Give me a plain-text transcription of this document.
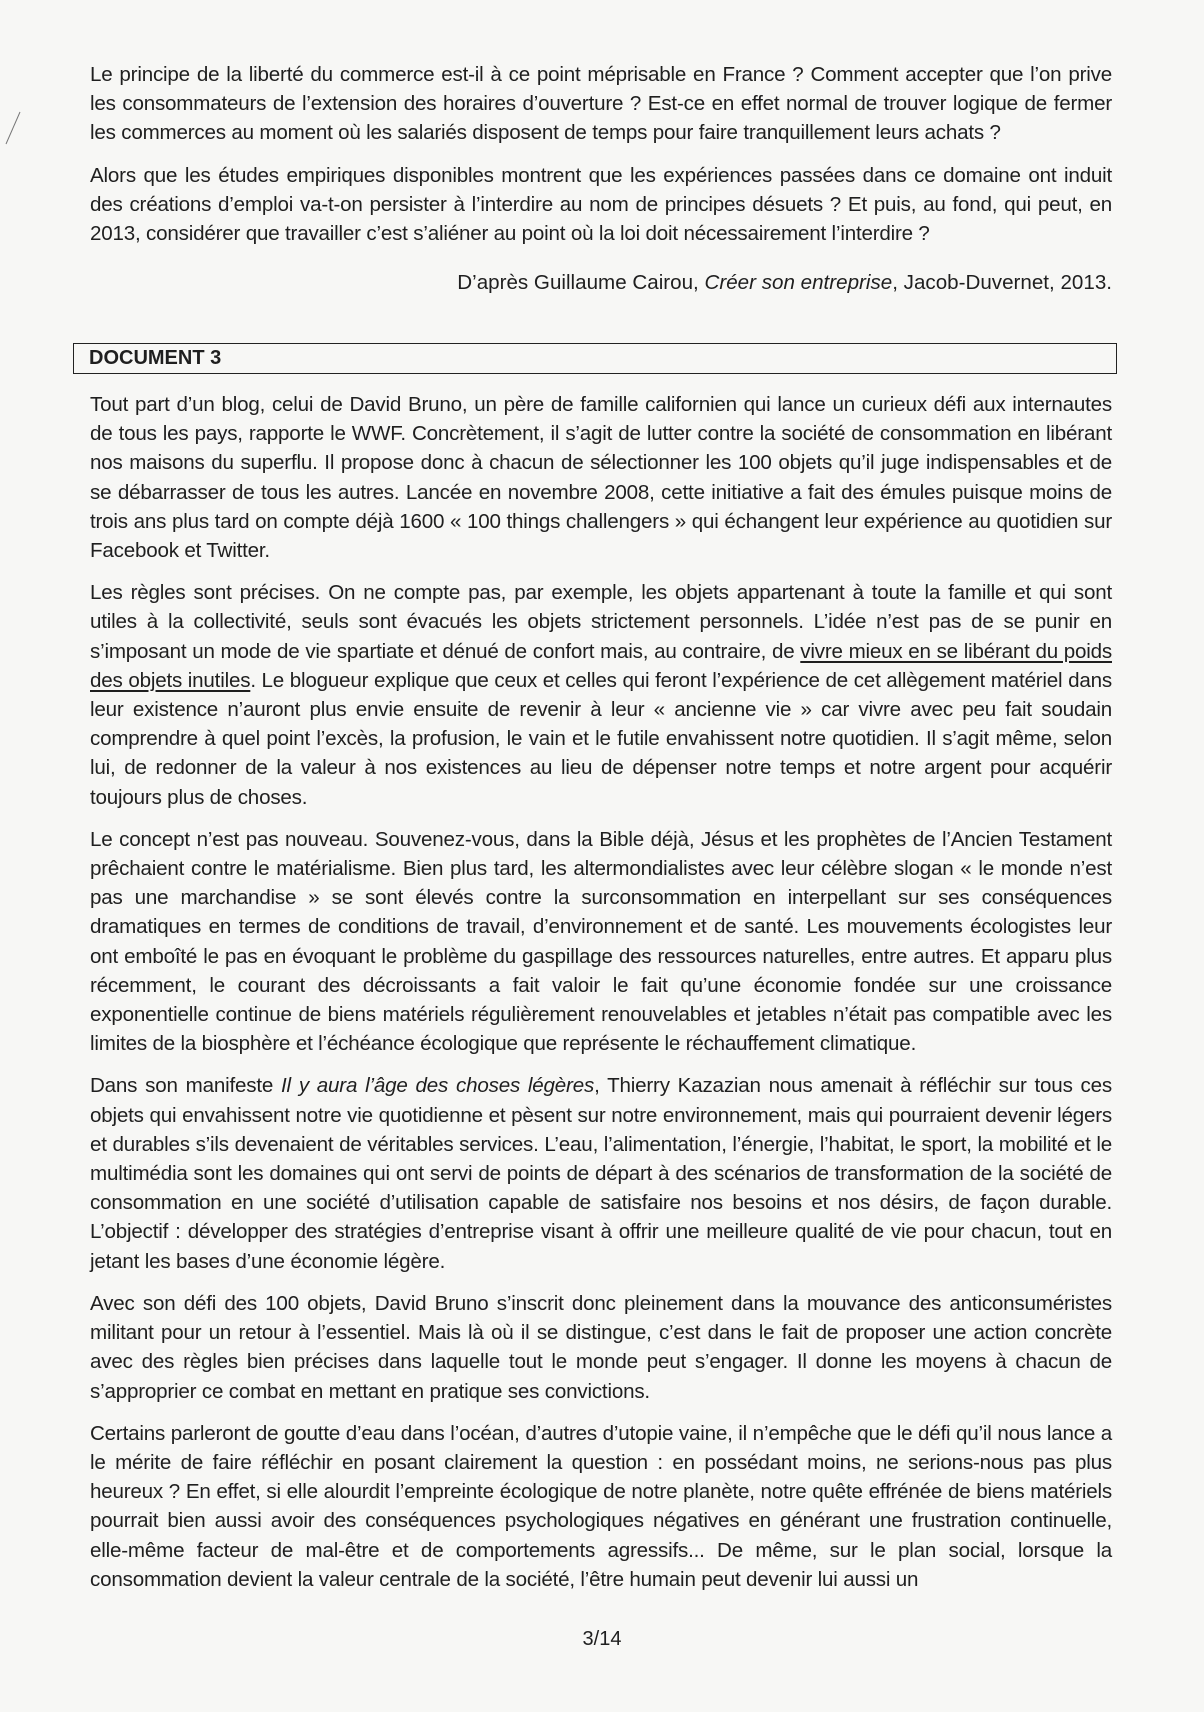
Le principe de la liberté du commerce est-il à ce point méprisable en France ? Comment accepter que l’on prive les consommateurs de l’extension des horaires d’ouverture ? Est-ce en effet normal de trouver logique de fermer les commerces au moment où les salariés disposent de temps pour faire tranquillement leurs achats ?

Alors que les études empiriques disponibles montrent que les expériences passées dans ce domaine ont induit des créations d’emploi va-t-on persister à l’interdire au nom de principes désuets ? Et puis, au fond, qui peut, en 2013, considérer que travailler c’est s’aliéner au point où la loi doit nécessairement l’interdire ?

D’après Guillaume Cairou, Créer son entreprise, Jacob-Duvernet, 2013.
DOCUMENT 3

Tout part d’un blog, celui de David Bruno, un père de famille californien qui lance un curieux défi aux internautes de tous les pays, rapporte le WWF. Concrètement, il s’agit de lutter contre la société de consommation en libérant nos maisons du superflu. Il propose donc à chacun de sélectionner les 100 objets qu’il juge indispensables et de se débarrasser de tous les autres. Lancée en novembre 2008, cette initiative a fait des émules puisque moins de trois ans plus tard on compte déjà 1600 « 100 things challengers » qui échangent leur expérience au quotidien sur Facebook et Twitter.

Les règles sont précises. On ne compte pas, par exemple, les objets appartenant à toute la famille et qui sont utiles à la collectivité, seuls sont évacués les objets strictement personnels. L’idée n’est pas de se punir en s’imposant un mode de vie spartiate et dénué de confort mais, au contraire, de vivre mieux en se libérant du poids des objets inutiles. Le blogueur explique que ceux et celles qui feront l’expérience de cet allègement matériel dans leur existence n’auront plus envie ensuite de revenir à leur « ancienne vie » car vivre avec peu fait soudain comprendre à quel point l’excès, la profusion, le vain et le futile envahissent notre quotidien. Il s’agit même, selon lui, de redonner de la valeur à nos existences au lieu de dépenser notre temps et notre argent pour acquérir toujours plus de choses.

Le concept n’est pas nouveau. Souvenez-vous, dans la Bible déjà, Jésus et les prophètes de l’Ancien Testament prêchaient contre le matérialisme. Bien plus tard, les altermondialistes avec leur célèbre slogan « le monde n’est pas une marchandise » se sont élevés contre la surconsommation en interpellant sur ses conséquences dramatiques en termes de conditions de travail, d’environnement et de santé. Les mouvements écologistes leur ont emboîté le pas en évoquant le problème du gaspillage des ressources naturelles, entre autres. Et apparu plus récemment, le courant des décroissants a fait valoir le fait qu’une économie fondée sur une croissance exponentielle continue de biens matériels régulièrement renouvelables et jetables n’était pas compatible avec les limites de la biosphère et l’échéance écologique que représente le réchauffement climatique.

Dans son manifeste Il y aura l’âge des choses légères, Thierry Kazazian nous amenait à réfléchir sur tous ces objets qui envahissent notre vie quotidienne et pèsent sur notre environnement, mais qui pourraient devenir légers et durables s’ils devenaient de véritables services. L’eau, l’alimentation, l’énergie, l’habitat, le sport, la mobilité et le multimédia sont les domaines qui ont servi de points de départ à des scénarios de transformation de la société de consommation en une société d’utilisation capable de satisfaire nos besoins et nos désirs, de façon durable. L’objectif : développer des stratégies d’entreprise visant à offrir une meilleure qualité de vie pour chacun, tout en jetant les bases d’une économie légère.

Avec son défi des 100 objets, David Bruno s’inscrit donc pleinement dans la mouvance des anticonsuméristes militant pour un retour à l’essentiel. Mais là où il se distingue, c’est dans le fait de proposer une action concrète avec des règles bien précises dans laquelle tout le monde peut s’engager. Il donne les moyens à chacun de s’approprier ce combat en mettant en pratique ses convictions.

Certains parleront de goutte d’eau dans l’océan, d’autres d’utopie vaine, il n’empêche que le défi qu’il nous lance a le mérite de faire réfléchir en posant clairement la question : en possédant moins, ne serions-nous pas plus heureux ? En effet, si elle alourdit l’empreinte écologique de notre planète, notre quête effrénée de biens matériels pourrait bien aussi avoir des conséquences psychologiques négatives en générant une frustration continuelle, elle-même facteur de mal-être et de comportements agressifs... De même, sur le plan social, lorsque la consommation devient la valeur centrale de la société, l’être humain peut devenir lui aussi un

3/14
